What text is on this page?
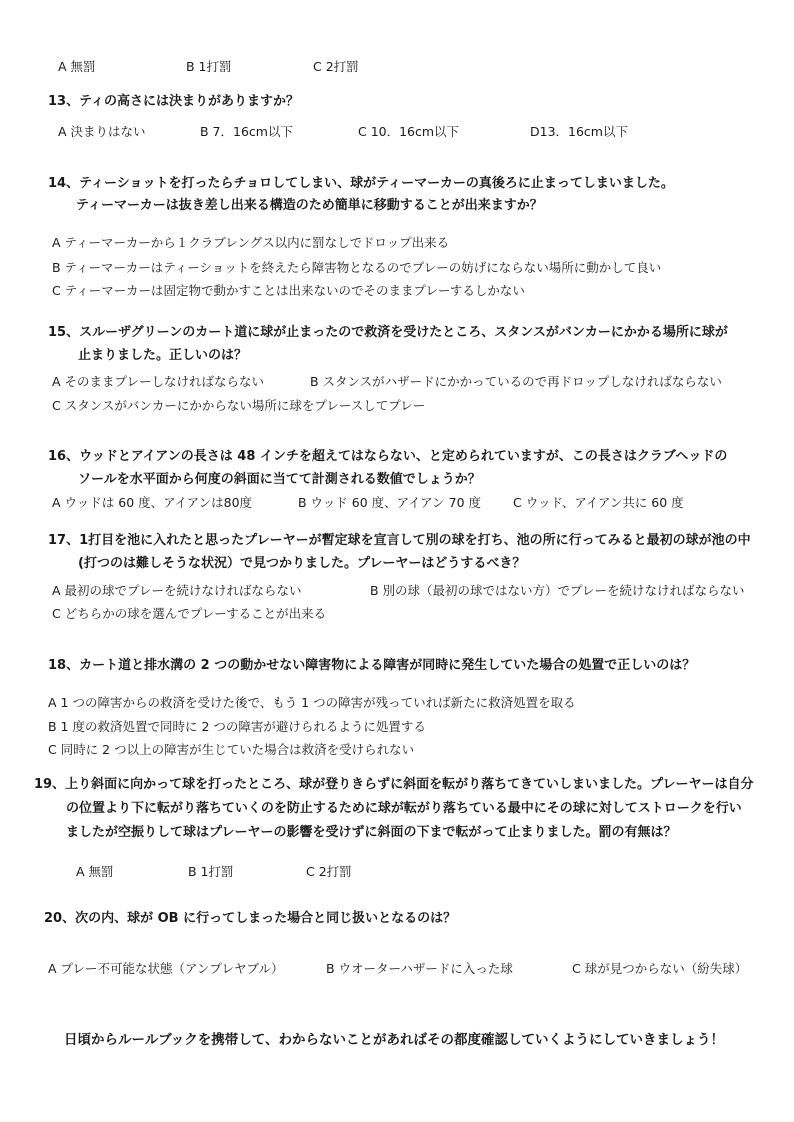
A 無罰	B 1打罰	C 2打罰
13、ティの高さには決まりがありますか？
A 決まりはない	B 7．16cm以下	C 10．16cm以下	D13．16cm以下
14、ティーショットを打ったらチョロしてしまい、球がティーマーカーの真後ろに止まってしまいました。
ティーマーカーは抜き差し出来る構造のため簡単に移動することが出来ますか？
A ティーマーカーから１クラブレングス以内に罰なしでドロップ出来る
B ティーマーカーはティーショットを終えたら障害物となるのでプレーの妨げにならない場所に動かして良い
C ティーマーカーは固定物で動かすことは出来ないのでそのままプレーするしかない
15、スルーザグリーンのカート道に球が止まったので救済を受けたところ、スタンスがバンカーにかかる場所に球が
止まりました。正しいのは？
A そのままプレーしなければならない	B スタンスがハザードにかかっているので再ドロップしなければならない
C スタンスがバンカーにかからない場所に球をプレースしてプレー
16、ウッドとアイアンの長さは 48 インチを超えてはならない、と定められていますが、この長さはクラブヘッドの
ソールを水平面から何度の斜面に当てて計測される数値でしょうか？
A ウッドは 60 度、アイアンは80度	B ウッド 60 度、アイアン 70 度	C ウッド、アイアン共に 60 度
17、1打目を池に入れたと思ったプレーヤーが暫定球を宣言して別の球を打ち、池の所に行ってみると最初の球が池の中
(打つのは難しそうな状況）で見つかりました。プレーヤーはどうするべき？
A 最初の球でプレーを続けなければならない	B 別の球（最初の球ではない方）でプレーを続けなければならない
C どちらかの球を選んでプレーすることが出来る
18、カート道と排水溝の 2 つの動かせない障害物による障害が同時に発生していた場合の処置で正しいのは？
A 1 つの障害からの救済を受けた後で、もう 1 つの障害が残っていれば新たに救済処置を取る
B 1 度の救済処置で同時に 2 つの障害が避けられるように処置する
C 同時に 2 つ以上の障害が生じていた場合は救済を受けられない
19、上り斜面に向かって球を打ったところ、球が登りきらずに斜面を転がり落ちてきていしまいました。プレーヤーは自分
の位置より下に転がり落ちていくのを防止するために球が転がり落ちている最中にその球に対してストロークを行い
ましたが空振りして球はプレーヤーの影響を受けずに斜面の下まで転がって止まりました。罰の有無は？
A 無罰	B 1打罰	C 2打罰
20、次の内、球が OB に行ってしまった場合と同じ扱いとなるのは？
A プレー不可能な状態（アンプレヤブル）	B ウオーターハザードに入った球	C 球が見つからない（紛失球）
日頃からルールブックを携帯して、わからないことがあればその都度確認していくようにしていきましょう！
